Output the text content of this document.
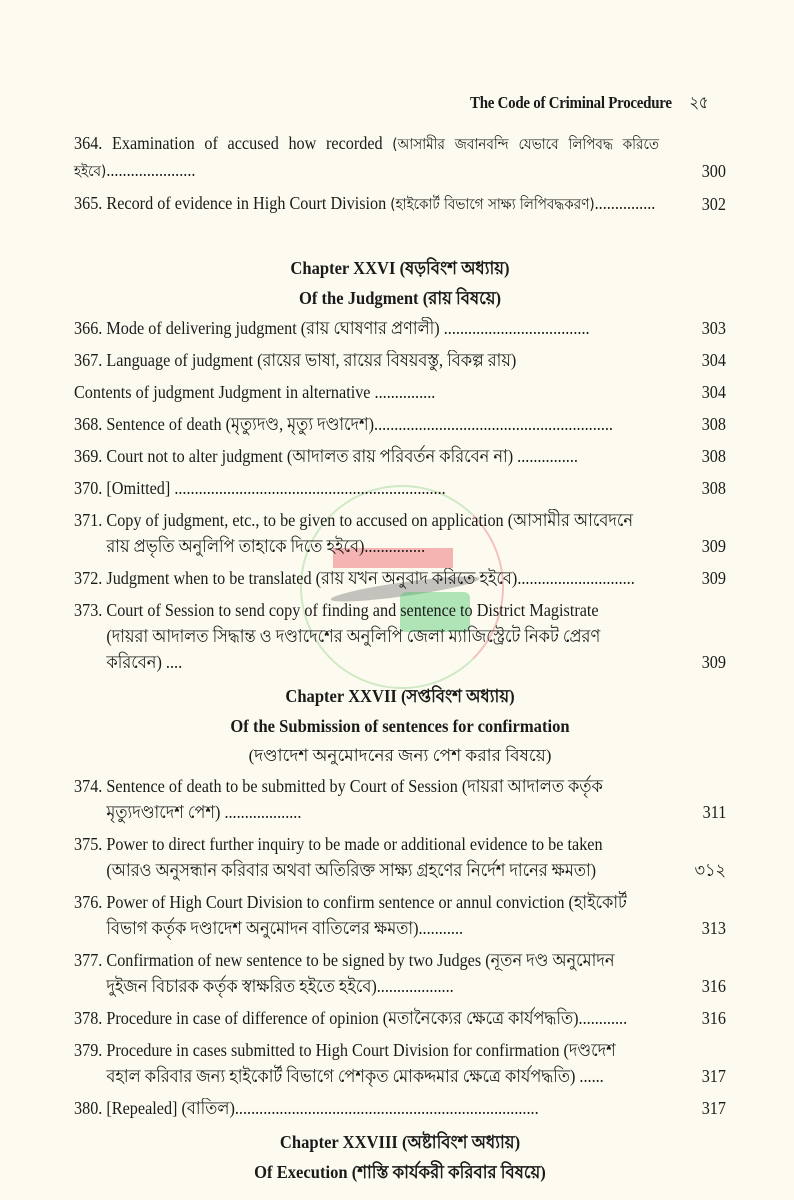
The Code of Criminal Procedure ২৫
364. Examination of accused how recorded (আসামীর জবানবন্দি যেভাবে লিপিবদ্ধ করিতে হইবে)......................	300
365. Record of evidence in High Court Division (হাইকোর্ট বিভাগে সাক্ষ্য লিপিবদ্ধকরণ)...............	302
Chapter XXVI (ষড়বিংশ অধ্যায়)
Of the Judgment (রায় বিষয়ে)
366. Mode of delivering judgment (রায় ঘোষণার প্রণালী) ....................................	303
367. Language of judgment (রায়ের ভাষা, রায়ের বিষয়বস্তু, বিকল্প রায়)	304
Contents of judgment Judgment in alternative ...............	304
368. Sentence of death (মৃত্যুদণ্ড, মৃত্যু দণ্ডাদেশ)...........................................................	308
369. Court not to alter judgment (আদালত রায় পরিবর্তন করিবেন না) ...............	308
370. [Omitted] ...................................................................	308
371. Copy of judgment, etc., to be given to accused on application (আসামীর আবেদনে
রায় প্রভৃতি অনুলিপি তাহাকে দিতে হইবে)...............	309
372. Judgment when to be translated (রায় যখন অনুবাদ করিতে হইবে).............................	309
373. Court of Session to send copy of finding and sentence to District Magistrate
(দায়রা আদালত সিদ্ধান্ত ও দণ্ডাদেশের অনুলিপি জেলা ম্যাজিস্ট্রেটে নিকট প্রেরণ করিবেন) ....	309
Chapter XXVII (সপ্তবিংশ অধ্যায়)
Of the Submission of sentences for confirmation
(দণ্ডাদেশ অনুমোদনের জন্য পেশ করার বিষয়ে)
374. Sentence of death to be submitted by Court of Session (দায়রা আদালত কর্তৃক
মৃত্যুদণ্ডাদেশ পেশ) ...................	311
375. Power to direct further inquiry to be made or additional evidence to be taken
(আরও অনুসন্ধান করিবার অথবা অতিরিক্ত সাক্ষ্য গ্রহণের নির্দেশ দানের ক্ষমতা)	৩১২
376. Power of High Court Division to confirm sentence or annul conviction (হাইকোর্ট
বিভাগ কর্তৃক দণ্ডাদেশ অনুমোদন বাতিলের ক্ষমতা)...........	313
377. Confirmation of new sentence to be signed by two Judges (নূতন দণ্ড অনুমোদন
দুইজন বিচারক কর্তৃক স্বাক্ষরিত হইতে হইবে)...................	316
378. Procedure in case of difference of opinion (মতানৈক্যের ক্ষেত্রে কার্যপদ্ধতি)............	316
379. Procedure in cases submitted to High Court Division for confirmation (দণ্ডদেশ
বহাল করিবার জন্য হাইকোর্ট বিভাগে পেশকৃত মোকদ্দমার ক্ষেত্রে কার্যপদ্ধতি) ......	317
380. [Repealed] (বাতিল)...........................................................................	317
Chapter XXVIII (অষ্টাবিংশ অধ্যায়)
Of Execution (শাস্তি কার্যকরী করিবার বিষয়ে)
